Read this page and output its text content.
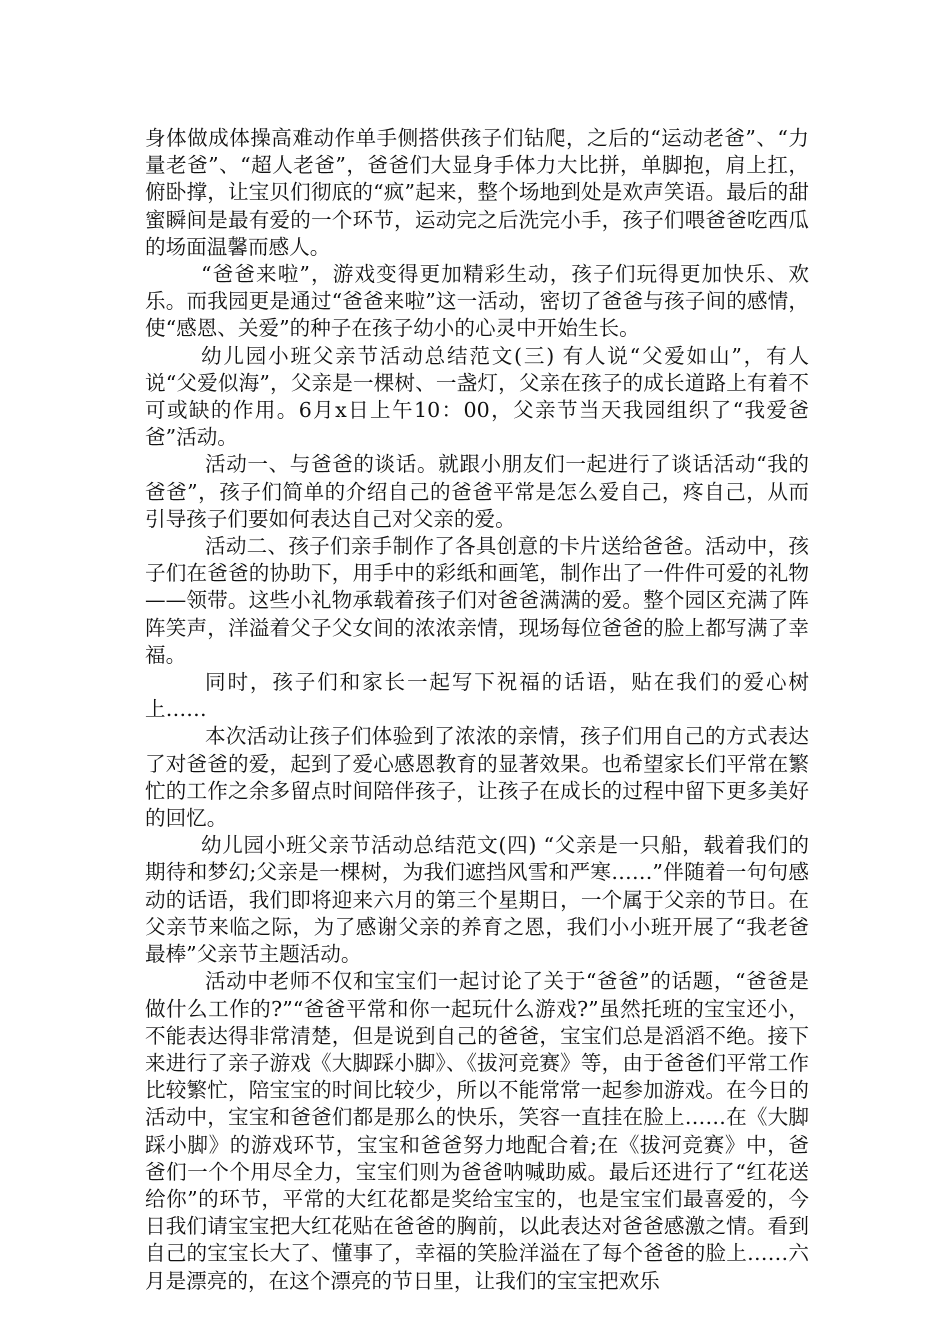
身体做成体操高难动作单手侧搭供孩子们钻爬，之后的“运动老爸”、“力量老爸”、“超人老爸”，爸爸们大显身手体力大比拼，单脚抱，肩上扛，俯卧撑，让宝贝们彻底的“疯”起来，整个场地到处是欢声笑语。最后的甜蜜瞬间是最有爱的一个环节，运动完之后洗完小手，孩子们喂爸爸吃西瓜的场面温馨而感人。

“爸爸来啦”，游戏变得更加精彩生动，孩子们玩得更加快乐、欢乐。而我园更是通过“爸爸来啦”这一活动，密切了爸爸与孩子间的感情，使“感恩、关爱”的种子在孩子幼小的心灵中开始生长。

幼儿园小班父亲节活动总结范文(三) 有人说“父爱如山”，有人说“父爱似海”，父亲是一棵树、一盏灯，父亲在孩子的成长道路上有着不可或缺的作用。6月x日上午10：00，父亲节当天我园组织了“我爱爸爸”活动。

活动一、与爸爸的谈话。就跟小朋友们一起进行了谈话活动“我的爸爸”，孩子们简单的介绍自己的爸爸平常是怎么爱自己，疼自己，从而引导孩子们要如何表达自己对父亲的爱。

活动二、孩子们亲手制作了各具创意的卡片送给爸爸。活动中，孩子们在爸爸的协助下，用手中的彩纸和画笔，制作出了一件件可爱的礼物——领带。这些小礼物承载着孩子们对爸爸满满的爱。整个园区充满了阵阵笑声，洋溢着父子父女间的浓浓亲情，现场每位爸爸的脸上都写满了幸福。

同时，孩子们和家长一起写下祝福的话语，贴在我们的爱心树上……

本次活动让孩子们体验到了浓浓的亲情，孩子们用自己的方式表达了对爸爸的爱，起到了爱心感恩教育的显著效果。也希望家长们平常在繁忙的工作之余多留点时间陪伴孩子，让孩子在成长的过程中留下更多美好的回忆。

幼儿园小班父亲节活动总结范文(四) “父亲是一只船，载着我们的期待和梦幻;父亲是一棵树，为我们遮挡风雪和严寒……”伴随着一句句感动的话语，我们即将迎来六月的第三个星期日，一个属于父亲的节日。在父亲节来临之际，为了感谢父亲的养育之恩，我们小小班开展了“我老爸最棒”父亲节主题活动。

活动中老师不仅和宝宝们一起讨论了关于“爸爸”的话题，“爸爸是做什么工作的?”“爸爸平常和你一起玩什么游戏?”虽然托班的宝宝还小，不能表达得非常清楚，但是说到自己的爸爸，宝宝们总是滔滔不绝。接下来进行了亲子游戏《大脚踩小脚》、《拔河竞赛》等，由于爸爸们平常工作比较繁忙，陪宝宝的时间比较少，所以不能常常一起参加游戏。在今日的活动中，宝宝和爸爸们都是那么的快乐，笑容一直挂在脸上……在《大脚踩小脚》的游戏环节，宝宝和爸爸努力地配合着;在《拔河竞赛》中，爸爸们一个个用尽全力，宝宝们则为爸爸呐喊助威。最后还进行了“红花送给你”的环节，平常的大红花都是奖给宝宝的，也是宝宝们最喜爱的，今日我们请宝宝把大红花贴在爸爸的胸前，以此表达对爸爸感激之情。看到自己的宝宝长大了、懂事了，幸福的笑脸洋溢在了每个爸爸的脸上……六月是漂亮的，在这个漂亮的节日里，让我们的宝宝把欢乐
